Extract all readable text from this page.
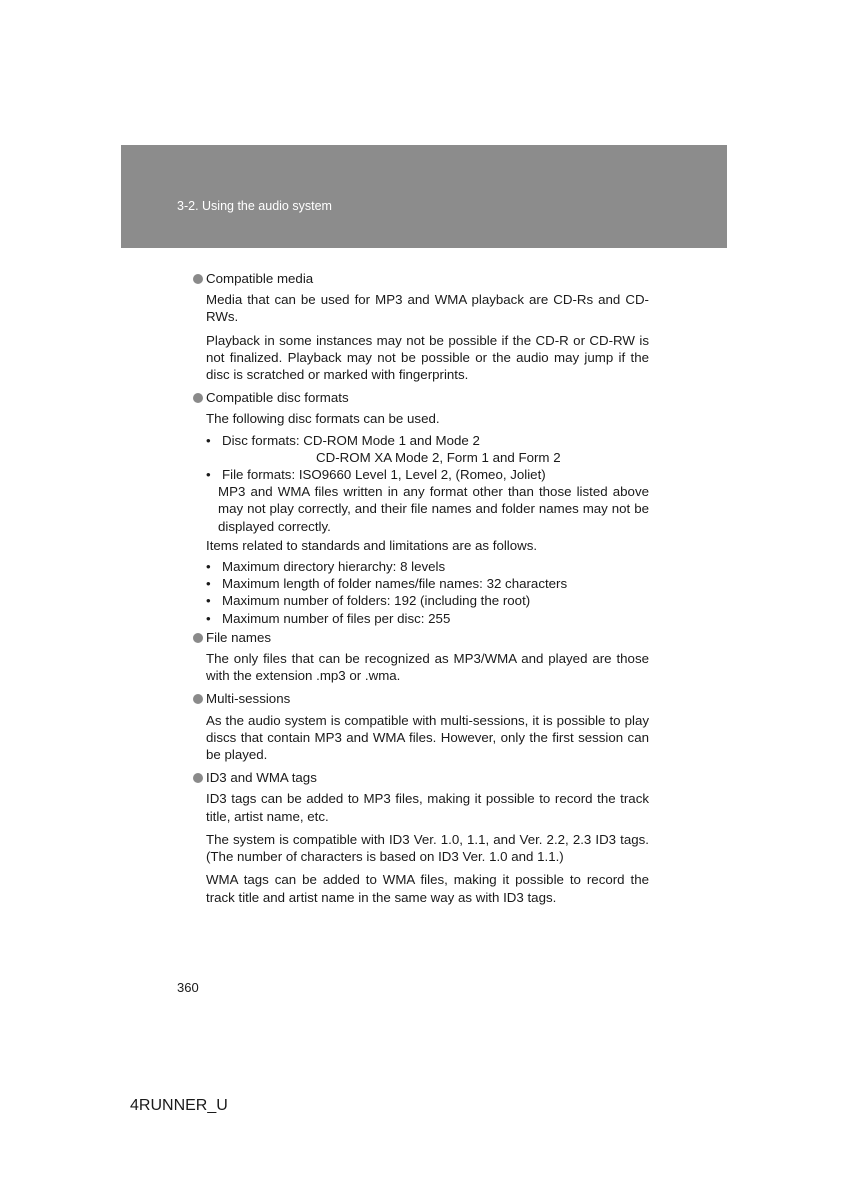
3-2. Using the audio system
Compatible media

Media that can be used for MP3 and WMA playback are CD-Rs and CD-RWs.

Playback in some instances may not be possible if the CD-R or CD-RW is not finalized. Playback may not be possible or the audio may jump if the disc is scratched or marked with fingerprints.

Compatible disc formats

The following disc formats can be used.

• Disc formats: CD-ROM Mode 1 and Mode 2
CD-ROM XA Mode 2, Form 1 and Form 2
• File formats: ISO9660 Level 1, Level 2, (Romeo, Joliet)
MP3 and WMA files written in any format other than those listed above may not play correctly, and their file names and folder names may not be displayed correctly.

Items related to standards and limitations are as follows.

• Maximum directory hierarchy: 8 levels
• Maximum length of folder names/file names: 32 characters
• Maximum number of folders: 192 (including the root)
• Maximum number of files per disc: 255
File names

The only files that can be recognized as MP3/WMA and played are those with the extension .mp3 or .wma.

Multi-sessions

As the audio system is compatible with multi-sessions, it is possible to play discs that contain MP3 and WMA files. However, only the first session can be played.

ID3 and WMA tags

ID3 tags can be added to MP3 files, making it possible to record the track title, artist name, etc.

The system is compatible with ID3 Ver. 1.0, 1.1, and Ver. 2.2, 2.3 ID3 tags. (The number of characters is based on ID3 Ver. 1.0 and 1.1.)

WMA tags can be added to WMA files, making it possible to record the track title and artist name in the same way as with ID3 tags.

360
4RUNNER_U
